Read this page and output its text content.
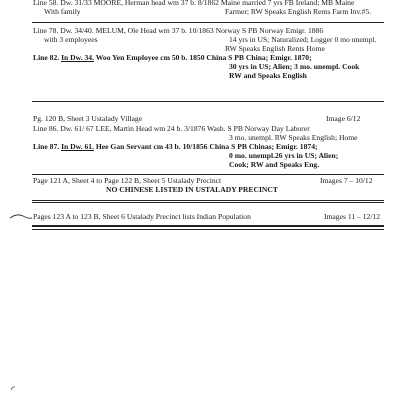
Line 58. Dw. 31/33 MOORE, Herman head wm 37 b. 8/1862 Maine married 7 yrs FB Ireland; MB Maine
With family	Farmer; RW Speaks English Rents Farm Inv.#5.
Line 78. Dw. 34/40. MELUM, Ole Head wm 37 b. 10/1863 Norway S PB Norway Emigr. 1886
with 3 employees	14 yrs in US; Naturalized; Logger 0 mo unempl.
RW Speaks English Rents Home
Line 82. In Dw. 34. Woo Yen Employee cm 50 b. 1850 China S PB China; Emigr. 1870;
30 yrs in US; Alien; 3 mo. unempl. Cook
RW and Speaks English
Pg. 120 B, Sheet 3 Ustalady Village	Image 6/12
Line 86. Dw. 61/ 67 LEE, Martin Head wm 24 b. 3/1876 Wash. S PB Norway Day Laborer
3 mo. unempl. RW Speaks English; Home
Line 87. In Dw. 61. Hee Gan Servant cm 43 b. 10/1856 China S PB Chinas; Emigr. 1874;
0 mo. unempl.26 yrs in US; Alien;
Cook; RW and Speaks Eng.
Page 121 A, Sheet 4 to Page 122 B, Sheet 5 Ustalady Precinct	Images 7 – 10/12
NO CHINESE LISTED IN USTALADY PRECINCT
Pages 123 A to 123 B, Sheet 6 Ustalady Precinct lists Indian Population	Images 11 – 12/12
